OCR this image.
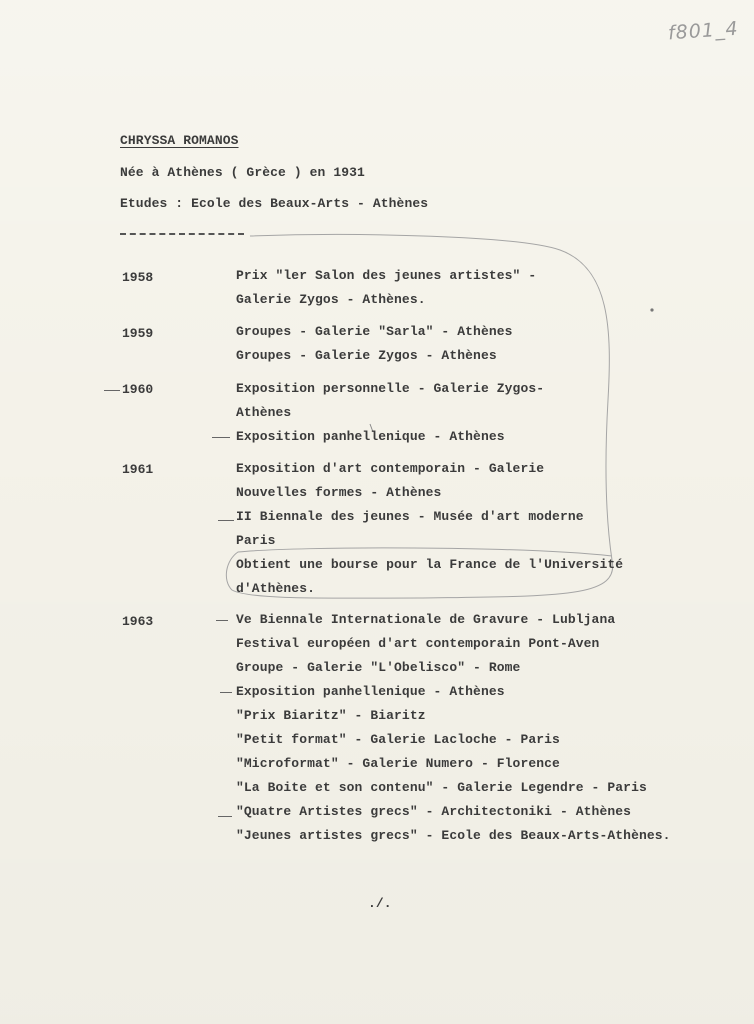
f801_4
CHRYSSA ROMANOS
Née à Athènes ( Grèce ) en 1931
Etudes : Ecole des Beaux-Arts - Athènes
1958	Prix "ler Salon des jeunes artistes" -
Galerie Zygos - Athènes.
1959	Groupes - Galerie "Sarla" - Athènes
Groupes - Galerie Zygos - Athènes
1960	Exposition personnelle - Galerie Zygos-
Athènes
Exposition panhellenique - Athènes
1961	Exposition d'art contemporain - Galerie
Nouvelles formes - Athènes
II Biennale des jeunes - Musée d'art moderne
Paris
Obtient une bourse pour la France de l'Université
d'Athènes.
1963	Ve Biennale Internationale de Gravure - Lubljana
Festival européen d'art contemporain Pont-Aven
Groupe - Galerie "L'Obelisco" - Rome
Exposition panhellenique - Athènes
"Prix Biaritz" - Biaritz
"Petit format" - Galerie Lacloche - Paris
"Microformat" - Galerie Numero - Florence
"La Boite et son contenu" - Galerie Legendre - Paris
"Quatre Artistes grecs" - Architectoniki - Athènes
"Jeunes artistes grecs" - Ecole des Beaux-Arts-Athènes.
./.
